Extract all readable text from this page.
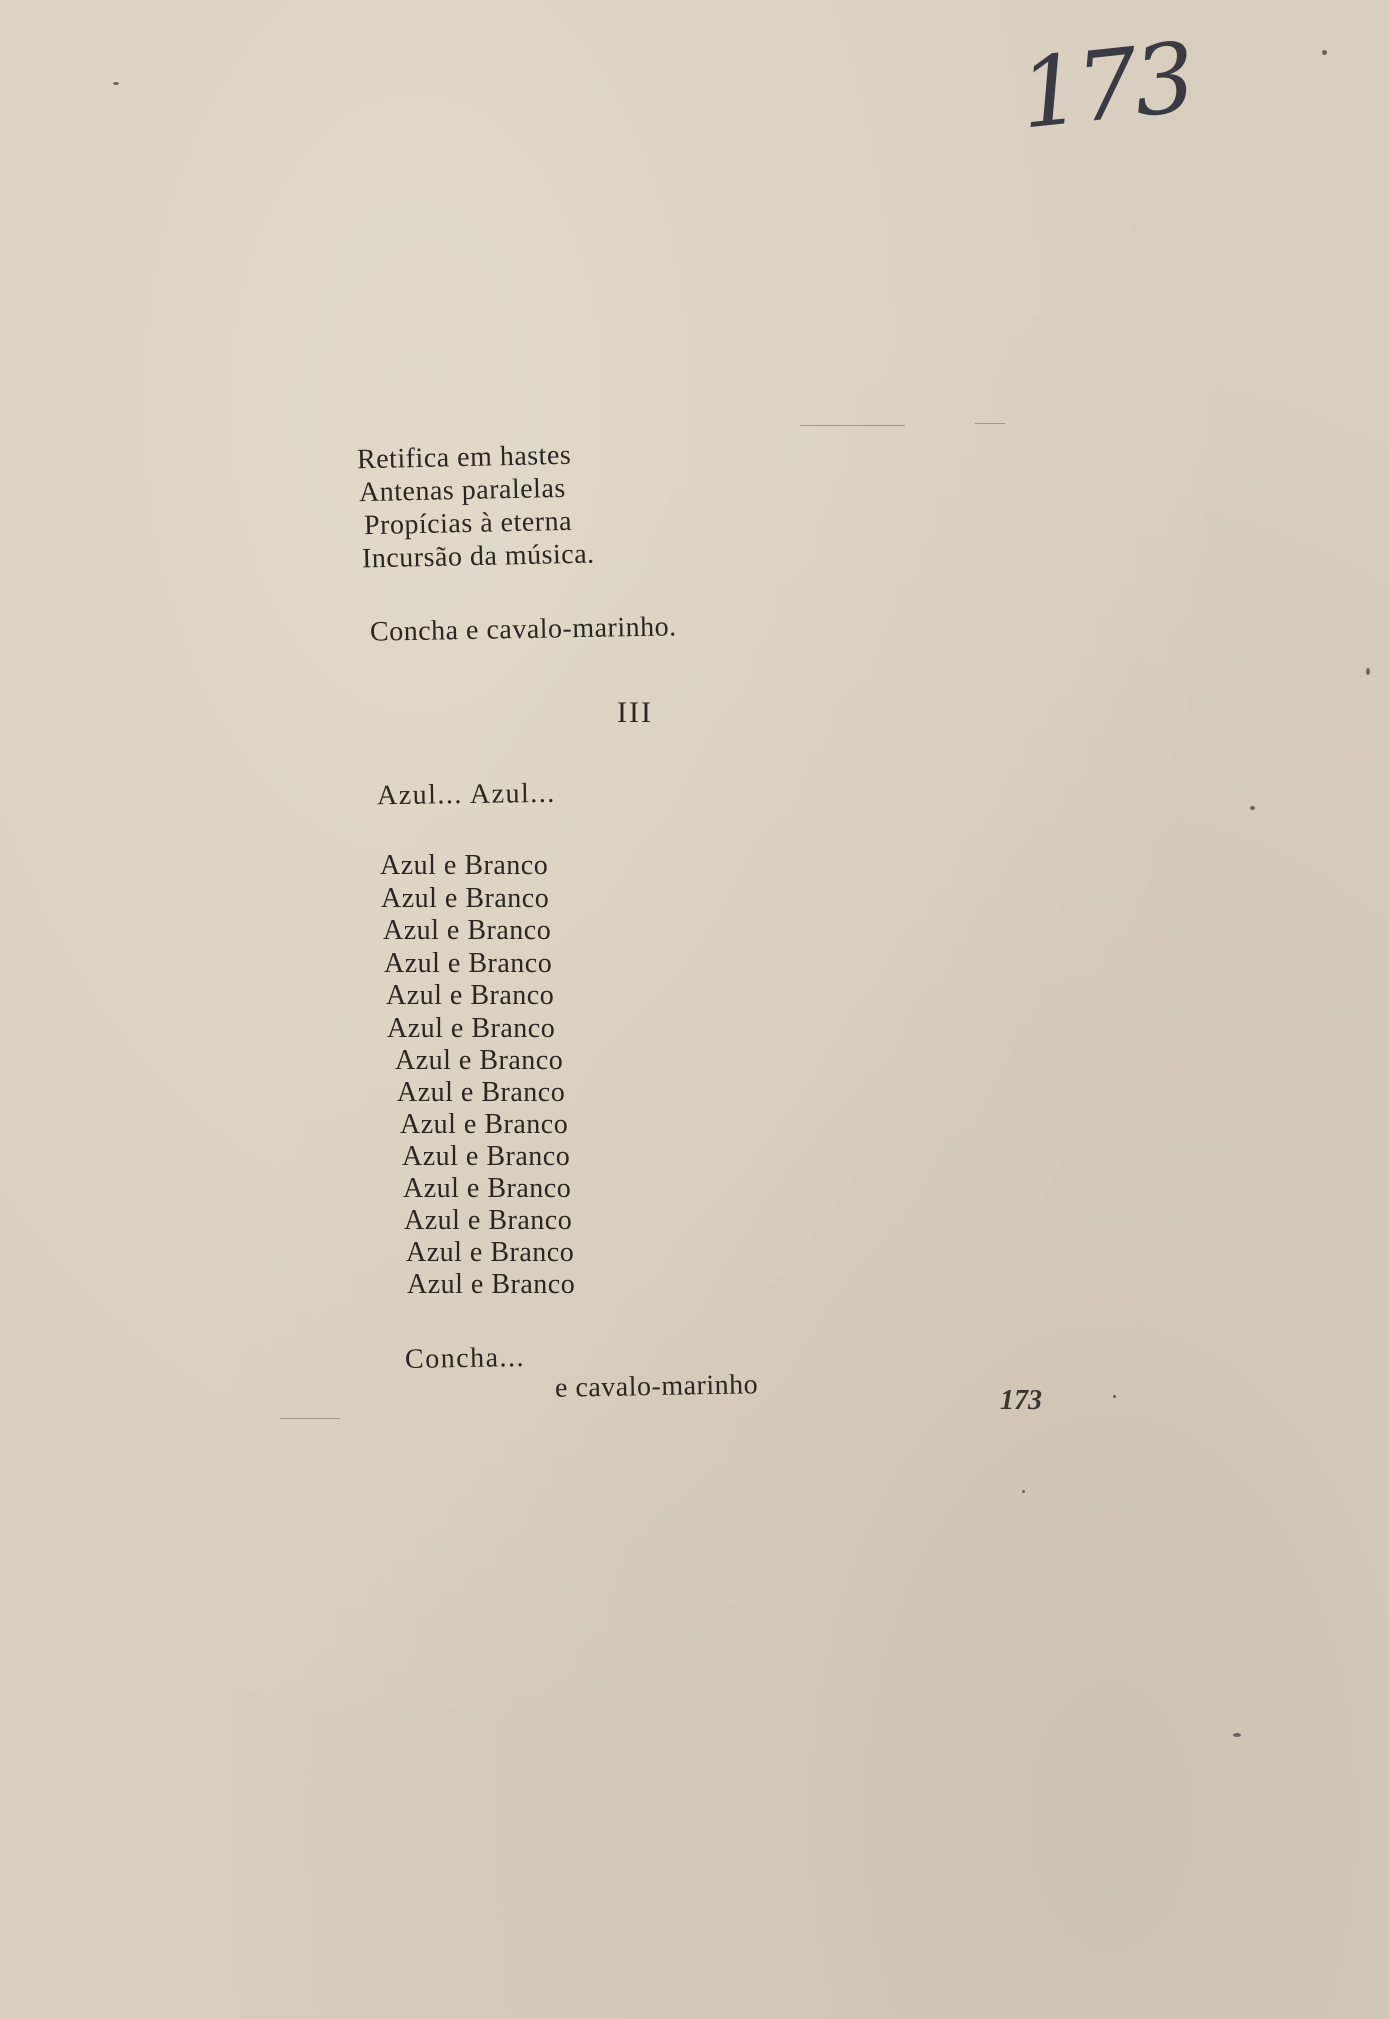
173
Retifica em hastes
Antenas paralelas
Propícias à eterna
Incursão da música.
Concha e cavalo-marinho.
III
Azul... Azul...
Azul e Branco
Azul e Branco
Azul e Branco
Azul e Branco
Azul e Branco
Azul e Branco
Azul e Branco
Azul e Branco
Azul e Branco
Azul e Branco
Azul e Branco
Azul e Branco
Azul e Branco
Azul e Branco
Concha...
e cavalo-marinho	173
